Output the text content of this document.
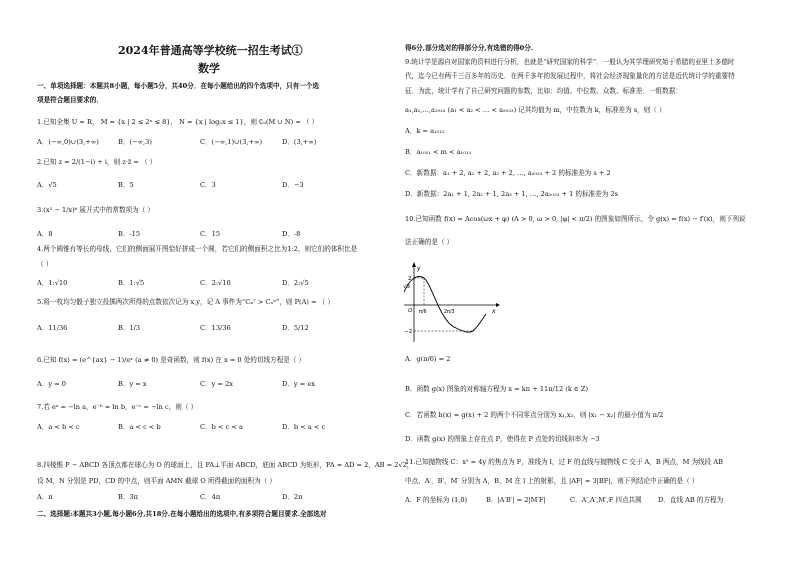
2024年普通高等学校统一招生考试①
数学
一、单项选择题：本题共8小题，每小题5分，共40分．在每小题给出的四个选项中，只有一个选
项是符合题目要求的．
1.已知全集 U = R， M = {x | 2 ≤ 2ˣ ≤ 8}， N = {x | log₂x ≤ 1}，则 ∁ᵤ(M ∪ N) = （ ）
A．(−∞,0)∪(3,+∞)	B．(−∞,3)	C．(−∞,1)∪(3,+∞)	D．(3,+∞)
2.已知 z = 2/(1−i) + i，则 z·z̄ = （ ）
A．√5	B．5	C．3	D．−3
3.(x² − 1/x)⁶ 展开式中的常数项为（ ）
A．8	B．-15	C．15	D．-8
4.两个圆锥有等长的母线，它们的侧面展开图恰好拼成一个圆，若它们的侧面积之比为1:2，则它们的体积比是
（ ）
A．1:√10	B．1:√5	C．2:√10	D．2:√5
5.将一枚均匀骰子独立投掷两次所得的点数依次记为 x,y，记 A 事件为“Cₓ⁷ > Cₓ⁶”，则 P(A) = （ ）
A．11/36	B．1/3	C．13/36	D．5/12
6.已知 f(x) = (e^{ax} − 1)/eˣ (a ≠ 0) 是奇函数，则 f(x) 在 x = 0 处的切线方程是（ ）
A．y = 0	B．y = x	C．y = 2x	D．y = ex
7.若 eᵃ = −ln a，e⁻ᵇ = ln b，e⁻ᶜ = −ln c，则（ ）
A．a < b < c	B．a < c < b	C．b < c < a	D．b < a < c
8.四棱锥 P − ABCD 各顶点都在球心为 O 的球面上，且 PA⊥平面 ABCD，底面 ABCD 为矩形，PA = AD = 2，AB = 2√2，
设 M，N 分别是 PD，CD 的中点，则平面 AMN 截球 O 所得截面的面积为（ ）
A．π	B．3π	C．4π	D．2π
二、选择题:本题共3小题,每小题6分,共18分.在每小题给出的选项中,有多项符合题目要求.全部选对
得6分,部分选对的得部分分,有选错的得0分.
9.统计学是源自对国家的资料进行分析，也就是“研究国家的科学”．一般认为其学理研究始于希腊的亚里士多德时
代，迄今已有两千三百多年的历史．在两千多年的发展过程中，将社会经济现象量化的方法是近代统计学的重要特
征．为此，统计学有了自己研究问题的参数，比如：均值、中位数、众数、标准差．一组数据：
a₁,a₂,…,a₂₀₂₃ (a₁ < a₂ < … < a₂₀₂₃) 记其均值为 m，中位数为 k，标准差为 s，则（ ）
A．k = a₁₀₁₂
B．a₁₀₁₁ < m < a₁₀₁₂
C．新数据：a₁ + 2, a₂ + 2, a₃ + 2, …, a₂₀₂₃ + 2 的标准差为 s + 2
D．新数据：2a₁ + 1, 2a₂ + 1, 2a₃ + 1, …, 2a₂₀₂₃ + 1 的标准差为 2s
10.已知函数 f(x) = Acos(ωx + φ) (A > 0, ω > 0, |φ| < π/2) 的图象如图所示，令 g(x) = f(x) − f′(x)，则下列说
法正确的是（ ）
y
x
2
√3
−2
O π/6	2π/3
A．g(π/6) = 2
B．函数 g(x) 图象的对称轴方程为 x = kπ + 11π/12 (k ∈ Z)
C．若函数 h(x) = g(x) + 2 的两个不同零点分别为 x₁,x₂，则 |x₁ − x₂| 的最小值为 π/2
D．函数 g(x) 的图象上存在点 P，使得在 P 点处的切线斜率为 −3
11.已知抛物线 C：x² = 4y 的焦点为 F，准线为 l，过 F 的直线与抛物线 C 交于 A，B 两点，M 为线段 AB
中点，A′，B′，M′ 分别为 A，B，M 在 l 上的射影，且 |AF| = 3|BF|，则下列结论中正确的是（ ）
A．F 的坐标为 (1,0)	B．|A′B′| = 2|M′F|	C．A′,A′,M′,F 四点共圆 D．直线 AB 的方程为
